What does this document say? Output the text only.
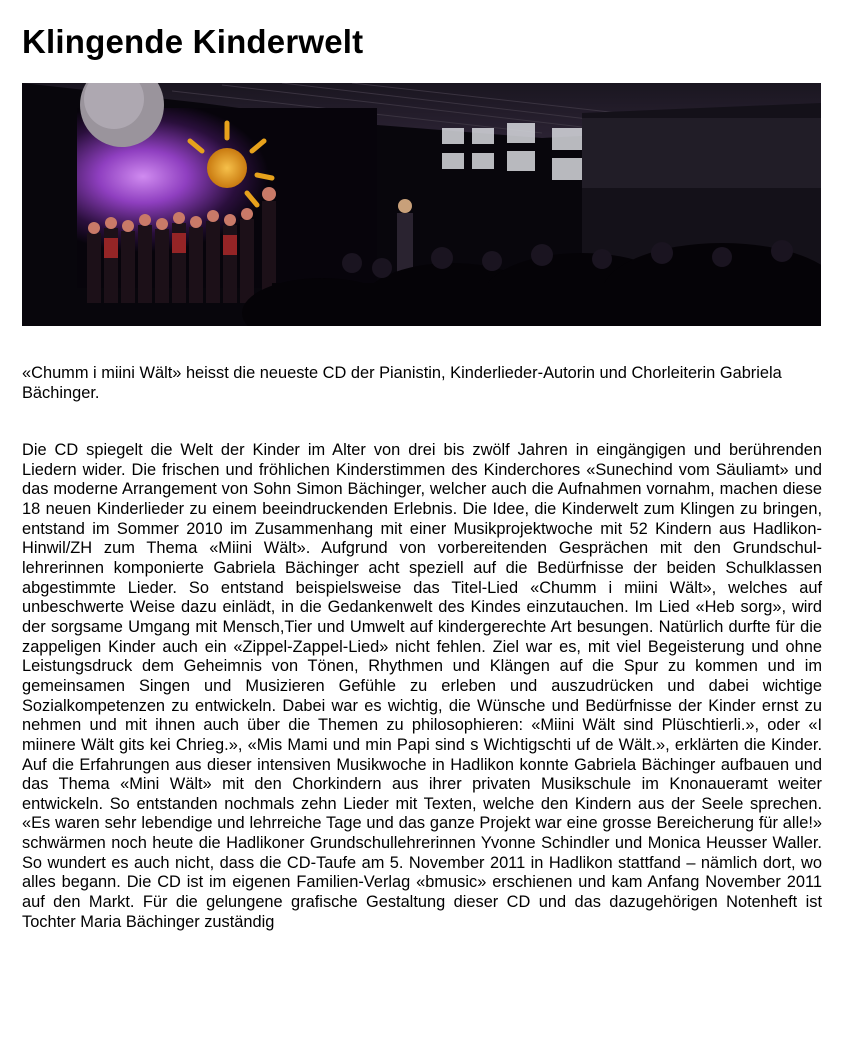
Klingende Kinderwelt

«Chumm i miini Wält» heisst die neueste CD der Pianistin, Kinderlieder-Autorin und Chorleiterin Gabriela Bächinger.

Die CD spiegelt die Welt der Kinder im Alter von drei bis zwölf Jahren in eingängigen und berührenden Liedern wider. Die frischen und fröhlichen Kinderstimmen des Kinderchores «Sunechind vom Säuliamt» und das moderne Arrangement von Sohn Simon Bächinger, welcher auch die Aufnahmen vornahm, machen diese 18 neuen Kinderlieder zu einem beeindruckenden Erlebnis. Die Idee, die Kinderwelt zum Klingen zu bringen, entstand im Sommer 2010 im Zusammenhang mit einer Musikprojektwoche mit 52 Kindern aus Hadlikon-Hinwil/ZH zum Thema «Miini Wält». Aufgrund von vorbereitenden Gesprächen mit den Grundschul-lehrerinnen komponierte Gabriela Bächinger acht speziell auf die Bedürfnisse der beiden Schulklassen abgestimmte Lieder. So entstand beispielsweise das Titel-Lied «Chumm i miini Wält», welches auf unbeschwerte Weise dazu einlädt, in die Gedankenwelt des Kindes einzutauchen. Im Lied «Heb sorg», wird der sorgsame Umgang mit Mensch,Tier und Umwelt auf kindergerechte Art besungen. Natürlich durfte für die zappeligen Kinder auch ein «Zippel-Zappel-Lied» nicht fehlen. Ziel war es, mit viel Begeisterung und ohne Leistungsdruck dem Geheimnis von Tönen, Rhythmen und Klängen auf die Spur zu kommen und im gemeinsamen Singen und Musizieren Gefühle zu erleben und auszudrücken und dabei wichtige Sozialkompetenzen zu entwickeln. Dabei war es wichtig, die Wünsche und Bedürfnisse der Kinder ernst zu nehmen und mit ihnen auch über die Themen zu philosophieren: «Miini Wält sind Plüschtierli.», oder «I miinere Wält gits kei Chrieg.», «Mis Mami und min Papi sind s Wichtigschti uf de Wält.», erklärten die Kinder. Auf die Erfahrungen aus dieser intensiven Musikwoche in Hadlikon konnte Gabriela Bächinger aufbauen und das Thema «Mini Wält» mit den Chorkindern aus ihrer privaten Musikschule im Knonaueramt weiter entwickeln. So entstanden nochmals zehn Lieder mit Texten, welche den Kindern aus der Seele sprechen. «Es waren sehr lebendige und lehrreiche Tage und das ganze Projekt war eine grosse Bereicherung für alle!» schwärmen noch heute die Hadlikoner Grundschullehrerinnen Yvonne Schindler und Monica Heusser Waller. So wundert es auch nicht, dass die CD-Taufe am 5. November 2011 in Hadlikon stattfand – nämlich dort, wo alles begann. Die CD ist im eigenen Familien-Verlag «bmusic» erschienen und kam Anfang November 2011 auf den Markt. Für die gelungene grafische Gestaltung dieser CD und das dazugehörigen Notenheft ist Tochter Maria Bächinger zuständig
